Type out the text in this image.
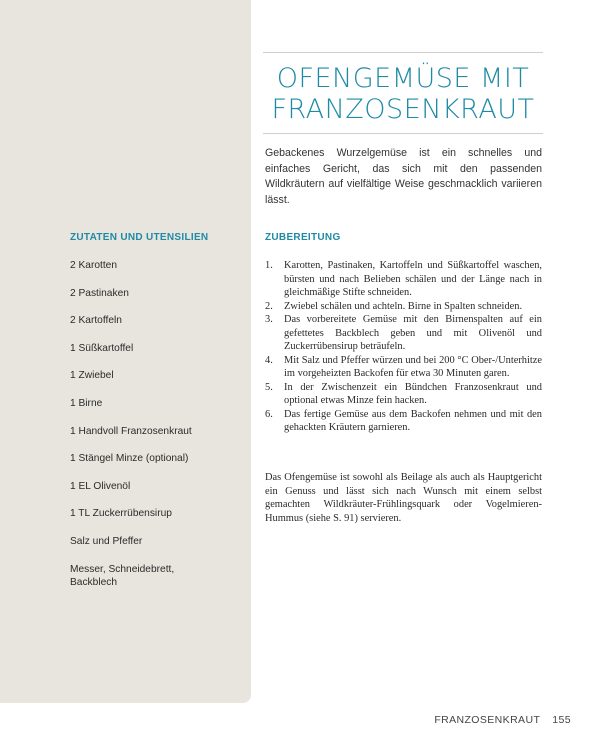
OFENGEMÜSE MIT
FRANZOSENKRAUT

Gebackenes Wurzelgemüse ist ein schnelles und einfaches Gericht, das sich mit den passenden Wildkräutern auf vielfältige Weise geschmacklich variieren lässt.

ZUTATEN UND UTENSILIEN	ZUBEREITUNG
2 Karotten
2 Pastinaken
2 Kartoffeln
1 Süßkartoffel
1 Zwiebel
1 Birne
1 Handvoll Franzosenkraut
1 Stängel Minze (optional)
1 EL Olivenöl
1 TL Zuckerrübensirup
Salz und Pfeffer
Messer, Schneidebrett,
Backblech
1.	Karotten, Pastinaken, Kartoffeln und Süßkartoffel waschen, bürsten und nach Belieben schälen und der Länge nach in gleichmäßige Stifte schneiden.
2.	Zwiebel schälen und achteln. Birne in Spalten schneiden.
3.	Das vorbereitete Gemüse mit den Birnenspalten auf ein gefettetes Backblech geben und mit Olivenöl und Zuckerrübensirup beträufeln.
4.	Mit Salz und Pfeffer würzen und bei 200 °C Ober-/Unterhitze im vorgeheizten Backofen für etwa 30 Minuten garen.
5.	In der Zwischenzeit ein Bündchen Franzosenkraut und optional etwas Minze fein hacken.
6.	Das fertige Gemüse aus dem Backofen nehmen und mit den gehackten Kräutern garnieren.

Das Ofengemüse ist sowohl als Beilage als auch als Hauptgericht ein Genuss und lässt sich nach Wunsch mit einem selbst gemachten Wildkräuter-Frühlingsquark oder Vogelmieren-Hummus (siehe S. 91) servieren.

FRANZOSENKRAUT 155
